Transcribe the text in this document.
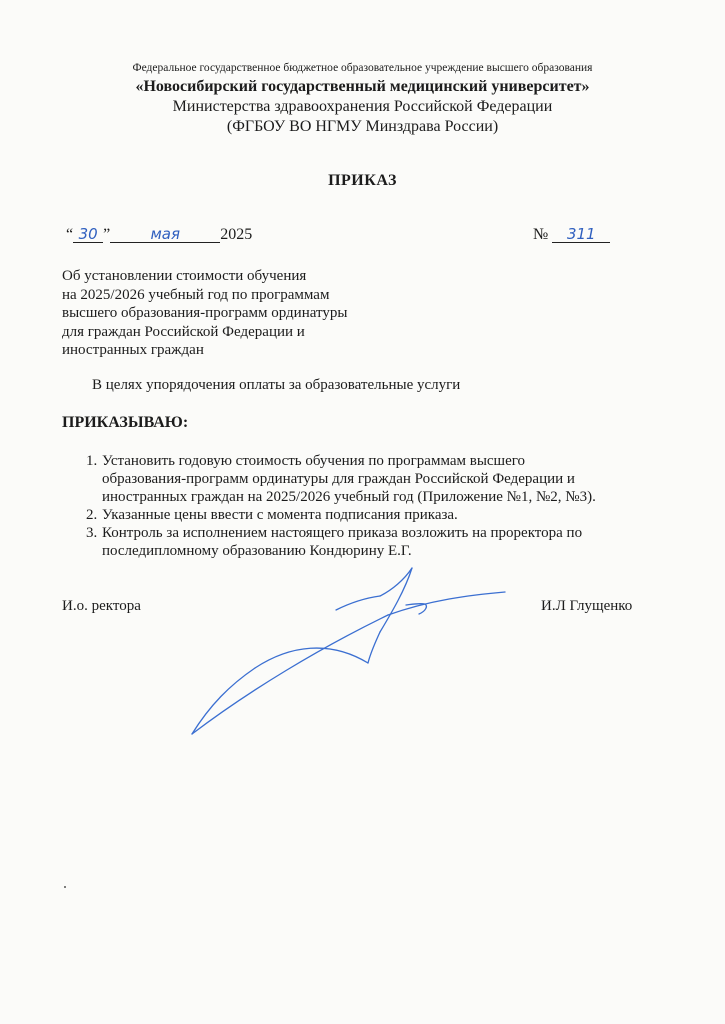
Федеральное государственное бюджетное образовательное учреждение высшего образования
«Новосибирский государственный медицинский университет»
Министерства здравоохранения Российской Федерации
(ФГБОУ ВО НГМУ Минздрава России)
ПРИКАЗ
“ 30 ”	мая	2025	№ 311
Об установлении стоимости обучения
на 2025/2026 учебный год по программам
высшего образования-программ ординатуры
для граждан Российской Федерации и
иностранных граждан
В целях упорядочения оплаты за образовательные услуги
ПРИКАЗЫВАЮ:
1. Установить годовую стоимость обучения по программам высшего
образования-программ ординатуры для граждан Российской Федерации и
иностранных граждан на 2025/2026 учебный год (Приложение №1, №2, №3).
2. Указанные цены ввести с момента подписания приказа.
3. Контроль за исполнением настоящего приказа возложить на проректора по
последипломному образованию Кондюрину Е.Г.
И.о. ректора	И.Л Глущенко
